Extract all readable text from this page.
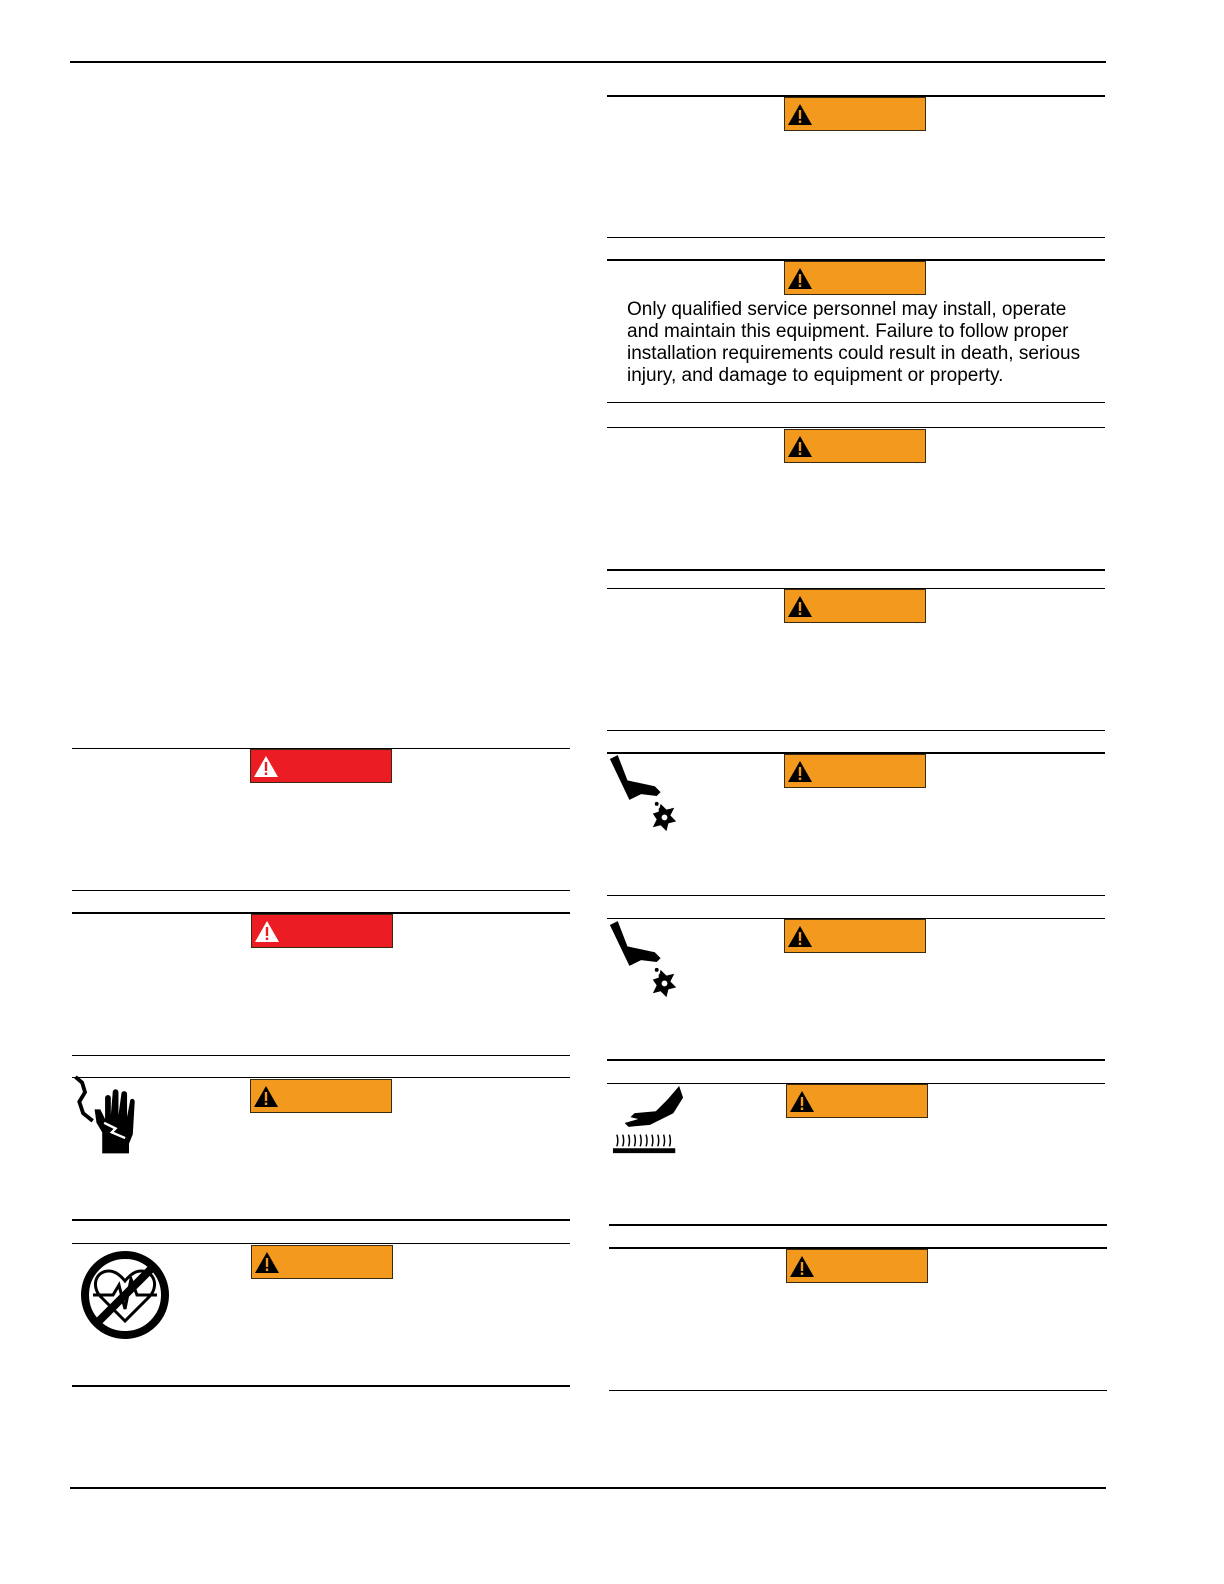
Only qualified service personnel may install, operate and maintain this equipment. Failure to follow proper installation requirements could result in death, serious injury, and damage to equipment or property.
